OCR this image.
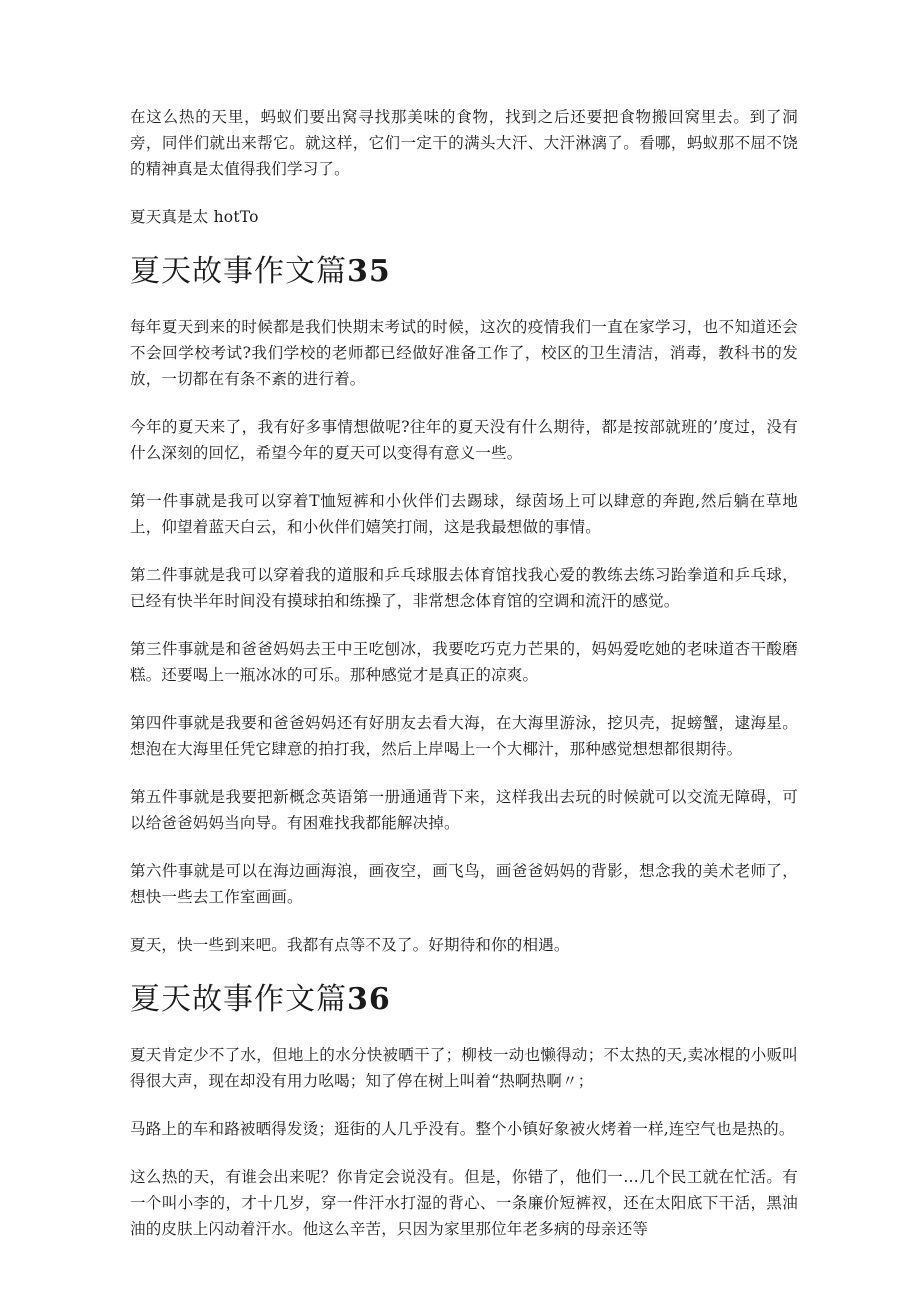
在这么热的天里，蚂蚁们要出窝寻找那美味的食物，找到之后还要把食物搬回窝里去。到了洞旁，同伴们就出来帮它。就这样，它们一定干的满头大汗、大汗淋漓了。看哪，蚂蚁那不屈不饶的精神真是太值得我们学习了。

夏天真是太 hotTo

夏天故事作文篇35

每年夏天到来的时候都是我们快期末考试的时候，这次的疫情我们一直在家学习，也不知道还会不会回学校考试?我们学校的老师都已经做好准备工作了，校区的卫生清洁，消毒，教科书的发放，一切都在有条不紊的进行着。

今年的夏天来了，我有好多事情想做呢?往年的夏天没有什么期待，都是按部就班的’度过，没有什么深刻的回忆，希望今年的夏天可以变得有意义一些。

第一件事就是我可以穿着T恤短裤和小伙伴们去踢球，绿茵场上可以肆意的奔跑,然后躺在草地上，仰望着蓝天白云，和小伙伴们嬉笑打闹，这是我最想做的事情。

第二件事就是我可以穿着我的道服和乒乓球服去体育馆找我心爱的教练去练习跆拳道和乒乓球，已经有快半年时间没有摸球拍和练操了，非常想念体育馆的空调和流汗的感觉。

第三件事就是和爸爸妈妈去王中王吃刨冰，我要吃巧克力芒果的，妈妈爱吃她的老味道杏干酸磨糕。还要喝上一瓶冰冰的可乐。那种感觉才是真正的凉爽。

第四件事就是我要和爸爸妈妈还有好朋友去看大海，在大海里游泳，挖贝壳，捉螃蟹，逮海星。想泡在大海里任凭它肆意的拍打我，然后上岸喝上一个大椰汁，那种感觉想想都很期待。

第五件事就是我要把新概念英语第一册通通背下来，这样我出去玩的时候就可以交流无障碍，可以给爸爸妈妈当向导。有困难找我都能解决掉。

第六件事就是可以在海边画海浪，画夜空，画飞鸟，画爸爸妈妈的背影，想念我的美术老师了，想快一些去工作室画画。

夏天，快一些到来吧。我都有点等不及了。好期待和你的相遇。

夏天故事作文篇36

夏天肯定少不了水，但地上的水分快被晒干了；柳枝一动也懒得动；不太热的天,卖冰棍的小贩叫得很大声，现在却没有用力吆喝；知了停在树上叫着“热啊热啊〃；

马路上的车和路被晒得发烫；逛街的人几乎没有。整个小镇好象被火烤着一样,连空气也是热的。

这么热的天，有谁会出来呢？你肯定会说没有。但是，你错了，他们一…几个民工就在忙活。有一个叫小李的，才十几岁，穿一件汗水打湿的背心、一条廉价短裤衩，还在太阳底下干活，黑油油的皮肤上闪动着汗水。他这么辛苦，只因为家里那位年老多病的母亲还等
